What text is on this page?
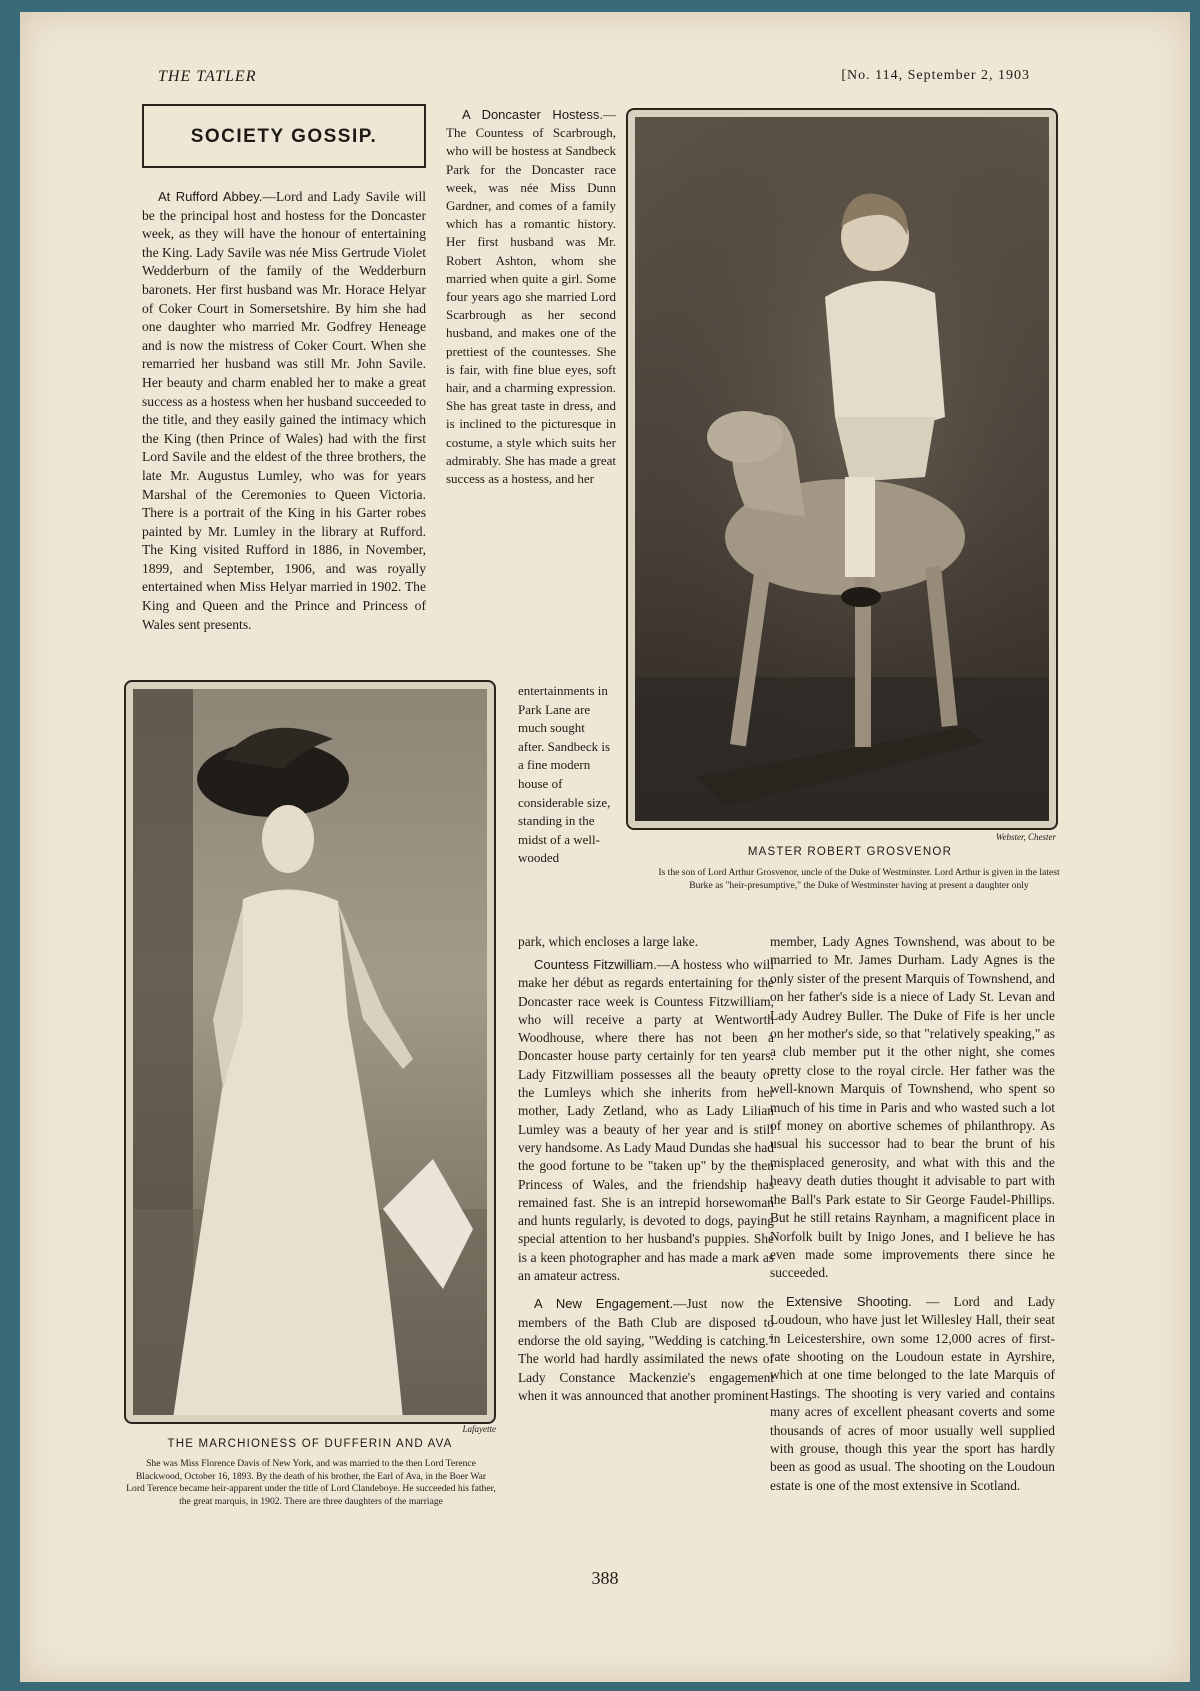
THE TATLER	[No. 114, September 2, 1903
SOCIETY GOSSIP.

At Rufford Abbey.—Lord and Lady Savile will be the principal host and hostess for the Doncaster week, as they will have the honour of entertaining the King. Lady Savile was née Miss Gertrude Violet Wedderburn of the family of the Wedderburn baronets. Her first husband was Mr. Horace Helyar of Coker Court in Somersetshire. By him she had one daughter who married Mr. Godfrey Heneage and is now the mistress of Coker Court. When she remarried her husband was still Mr. John Savile. Her beauty and charm enabled her to make a great success as a hostess when her husband succeeded to the title, and they easily gained the intimacy which the King (then Prince of Wales) had with the first Lord Savile and the eldest of the three brothers, the late Mr. Augustus Lumley, who was for years Marshal of the Ceremonies to Queen Victoria. There is a portrait of the King in his Garter robes painted by Mr. Lumley in the library at Rufford. The King visited Rufford in 1886, in November, 1899, and September, 1906, and was royally entertained when Miss Helyar married in 1902. The King and Queen and the Prince and Princess of Wales sent presents.

A Doncaster Hostess.— The Countess of Scarbrough, who will be hostess at Sandbeck Park for the Doncaster race week, was née Miss Dunn Gardner, and comes of a family which has a romantic history. Her first husband was Mr. Robert Ashton, whom she married when quite a girl. Some four years ago she married Lord Scarbrough as her second husband, and makes one of the prettiest of the countesses. She is fair, with fine blue eyes, soft hair, and a charming expression. She has great taste in dress, and is inclined to the picturesque in costume, a style which suits her admirably. She has made a great success as a hostess, and her

entertainments in Park Lane are much sought after. Sandbeck is a fine modern house of considerable size, standing in the midst of a well-wooded
park, which encloses a large lake.

Countess Fitzwilliam.—A hostess who will make her début as regards entertaining for the Doncaster race week is Countess Fitzwilliam, who will receive a party at Wentworth Woodhouse, where there has not been a Doncaster house party certainly for ten years. Lady Fitzwilliam possesses all the beauty of the Lumleys which she inherits from her mother, Lady Zetland, who as Lady Lilian Lumley was a beauty of her year and is still very handsome. As Lady Maud Dundas she had the good fortune to be "taken up" by the then Princess of Wales, and the friendship has remained fast. She is an intrepid horsewoman and hunts regularly, is devoted to dogs, paying special attention to her husband's puppies. She is a keen photographer and has made a mark as an amateur actress.

A New Engagement.—Just now the members of the Bath Club are disposed to endorse the old saying, "Wedding is catching." The world had hardly assimilated the news of Lady Constance Mackenzie's engagement when it was announced that another prominent

member, Lady Agnes Townshend, was about to be married to Mr. James Durham. Lady Agnes is the only sister of the present Marquis of Townshend, and on her father's side is a niece of Lady St. Levan and Lady Audrey Buller. The Duke of Fife is her uncle on her mother's side, so that "relatively speaking," as a club member put it the other night, she comes pretty close to the royal circle. Her father was the well-known Marquis of Townshend, who spent so much of his time in Paris and who wasted such a lot of money on abortive schemes of philanthropy. As usual his successor had to bear the brunt of his misplaced generosity, and what with this and the heavy death duties thought it advisable to part with the Ball's Park estate to Sir George Faudel-Phillips. But he still retains Raynham, a magnificent place in Norfolk built by Inigo Jones, and I believe he has even made some improvements there since he succeeded.

Extensive Shooting. — Lord and Lady Loudoun, who have just let Willesley Hall, their seat in Leicestershire, own some 12,000 acres of first-rate shooting on the Loudoun estate in Ayrshire, which at one time belonged to the late Marquis of Hastings. The shooting is very varied and contains many acres of excellent pheasant coverts and some thousands of acres of moor usually well supplied with grouse, though this year the sport has hardly been as good as usual. The shooting on the Loudoun estate is one of the most extensive in Scotland.

Webster, Chester
MASTER ROBERT GROSVENOR
Is the son of Lord Arthur Grosvenor, uncle of the Duke of Westminster. Lord Arthur is given in the latest Burke as "heir-presumptive," the Duke of Westminster having at present a daughter only
Lafayette
THE MARCHIONESS OF DUFFERIN AND AVA
She was Miss Florence Davis of New York, and was married to the then Lord Terence Blackwood, October 16, 1893. By the death of his brother, the Earl of Ava, in the Boer War Lord Terence became heir-apparent under the title of Lord Clandeboye. He succeeded his father, the great marquis, in 1902. There are three daughters of the marriage
388
